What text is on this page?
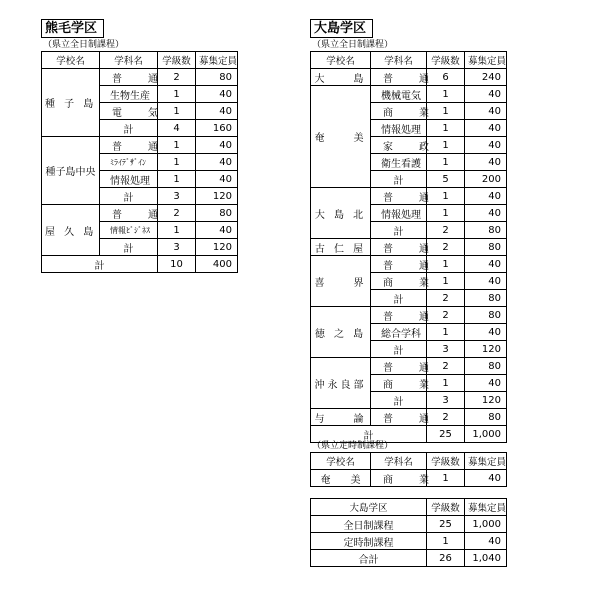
熊毛学区
（県立全日制課程）
学校名	学科名	学級数	募集定員
種 子 島	普　通	2	80
	生物生産	1	40
	電　気	1	40
	計	4	160
種子島中央	普　通	1	40
	ﾐﾗｲﾃﾞｻﾞｲﾝ	1	40
	情報処理	1	40
	計	3	120
屋 久 島	普　通	2	80
	情報ﾋﾞｼﾞﾈｽ	1	40
	計	3	120
計		10	400
大島学区
（県立全日制課程）
学校名	学科名	学級数	募集定員
大　　島	普　通	6	240
奄　　美	機械電気	1	40
	商　業	1	40
	情報処理	1	40
	家　政	1	40
	衛生看護	1	40
	計	5	200
大 島 北	普　通	1	40
	情報処理	1	40
	計	2	80
古 仁 屋	普　通	2	80
喜　　界	普　通	1	40
	商　業	1	40
	計	2	80
徳 之 島	普　通	2	80
	総合学科	1	40
	計	3	120
沖永良部	普　通	2	80
	商　業	1	40
	計	3	120
与　　論	普　通	2	80
計		25	1,000
（県立定時制課程）
学校名	学科名	学級数	募集定員
奄　　美	商　業	1	40
大島学区	学級数	募集定員
全日制課程	25	1,000
定時制課程	1	40
合計	26	1,040
